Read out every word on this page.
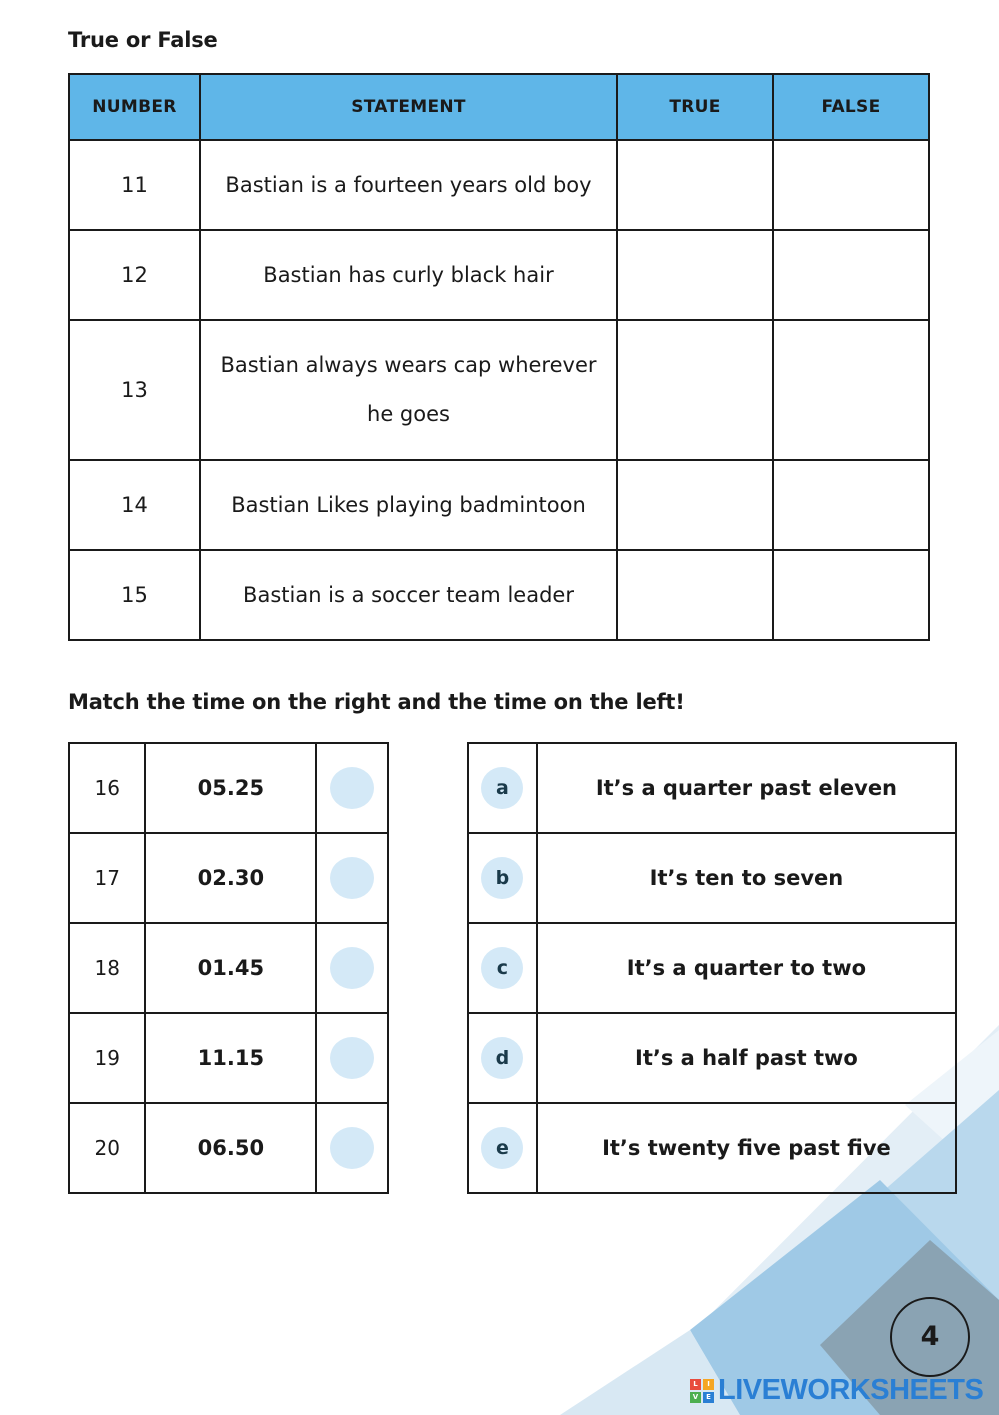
True or False
NUMBER	STATEMENT	TRUE	FALSE
11	Bastian is a fourteen years old boy		
12	Bastian has curly black hair		
13	Bastian always wears cap wherever he goes		
14	Bastian Likes playing badmintoon		
15	Bastian is a soccer team leader		
Match the time on the right and the time on the left!
16	05.25	
17	02.30	
18	01.45	
19	11.15	
20	06.50	
a	It’s a quarter past eleven
b	It’s ten to seven
c	It’s a quarter to two
d	It’s a half past two
e	It’s twenty five past five
4
L	I
V	E LIVEWORKSHEETS
